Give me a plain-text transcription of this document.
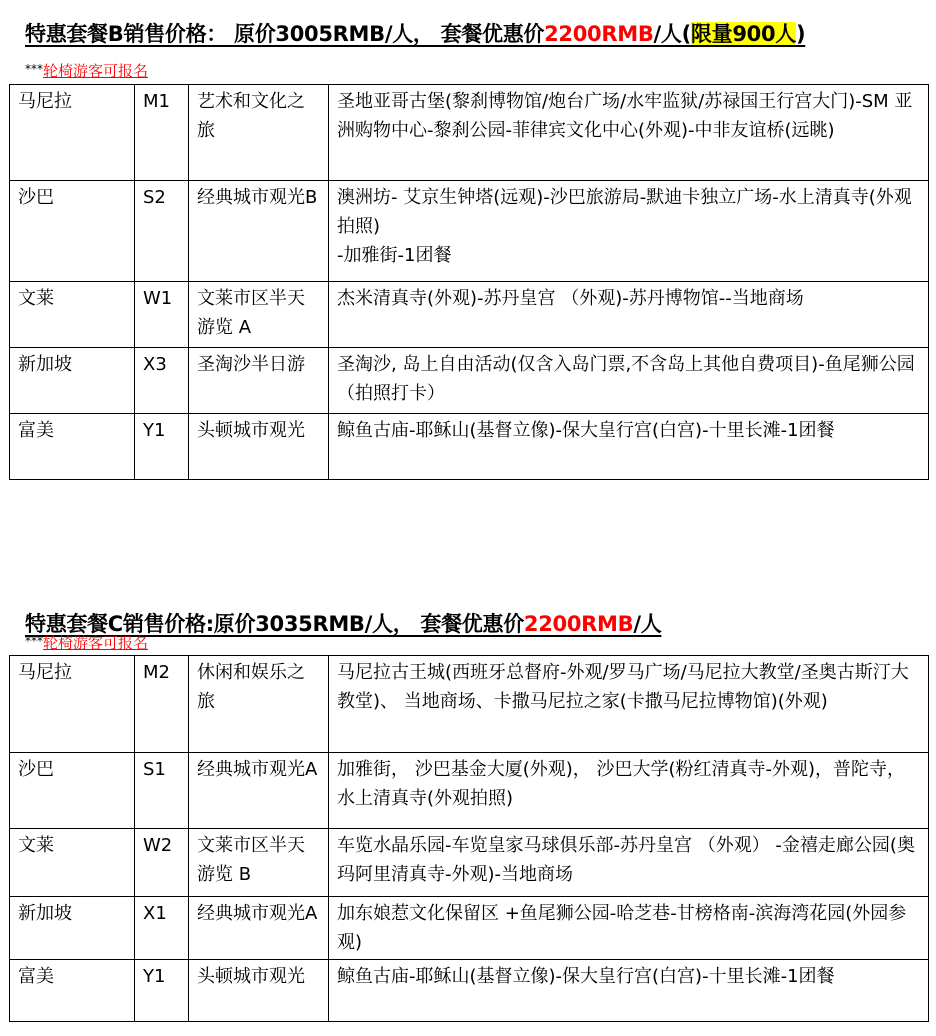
特惠套餐B销售价格： 原价3005RMB/人， 套餐优惠价2200RMB/人(限量900人)
***轮椅游客可报名
马尼拉	M1	艺术和文化之旅	圣地亚哥古堡(黎刹博物馆/炮台广场/水牢监狱/苏禄国王行宫大门)-SM 亚 洲购物中心-黎刹公园-菲律宾文化中心(外观)-中非友谊桥(远眺)
沙巴	S2	经典城市观光B	澳洲坊- 艾京生钟塔(远观)-沙巴旅游局-默迪卡独立广场-水上清真寺(外观 拍照)
-加雅街-1团餐
文莱	W1	文莱市区半天游览 A	杰米清真寺(外观)-苏丹皇宫 （外观)-苏丹博物馆--当地商场
新加坡	X3	圣淘沙半日游	圣淘沙, 岛上自由活动(仅含入岛门票,不含岛上其他自费项目)-鱼尾狮公园（拍照打卡）
富美	Y1	头顿城市观光	鲸鱼古庙-耶稣山(基督立像)-保大皇行宫(白宫)-十里长滩-1团餐
特惠套餐C销售价格:原价3035RMB/人， 套餐优惠价2200RMB/人
***轮椅游客可报名
马尼拉	M2	休闲和娱乐之旅	马尼拉古王城(西班牙总督府-外观/罗马广场/马尼拉大教堂/圣奥古斯汀大教堂)、 当地商场、卡撒马尼拉之家(卡撒马尼拉博物馆)(外观)
沙巴	S1	经典城市观光A	加雅街， 沙巴基金大厦(外观)， 沙巴大学(粉红清真寺-外观)，普陀寺， 水上清真寺(外观拍照)
文莱	W2	文莱市区半天游览 B	车览水晶乐园-车览皇家马球俱乐部-苏丹皇宫 （外观） -金禧走廊公园(奥玛阿里清真寺-外观)-当地商场
新加坡	X1	经典城市观光A	加东娘惹文化保留区 +鱼尾狮公园-哈芝巷-甘榜格南-滨海湾花园(外园参观)
富美	Y1	头顿城市观光	鲸鱼古庙-耶稣山(基督立像)-保大皇行宫(白宫)-十里长滩-1团餐
